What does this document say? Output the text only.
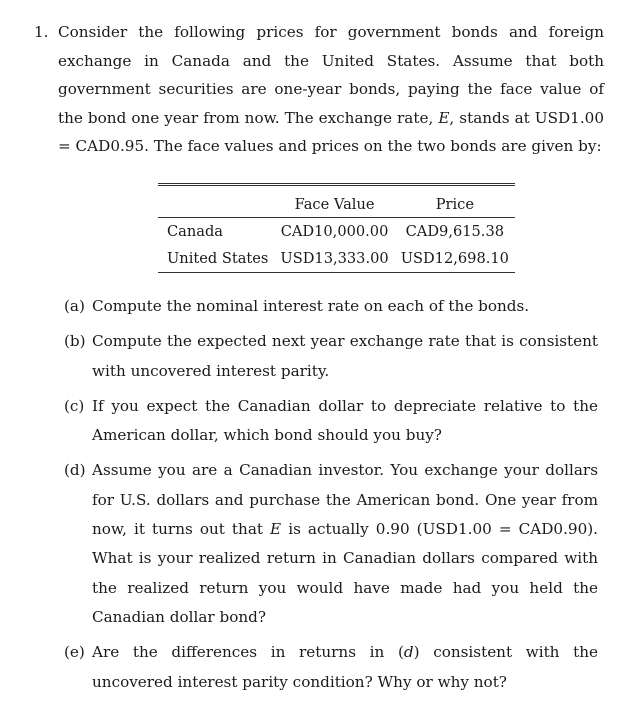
1. Consider the following prices for government bonds and foreign exchange in Canada and the United States. Assume that both government securities are one-year bonds, paying the face value of the bond one year from now. The exchange rate, E, stands at USD1.00 = CAD0.95. The face values and prices on the two bonds are given by:
	Face Value	Price
Canada	CAD10,000.00	CAD9,615.38
United States	USD13,333.00	USD12,698.10
(a) Compute the nominal interest rate on each of the bonds.
(b) Compute the expected next year exchange rate that is consistent with uncovered interest parity.
(c) If you expect the Canadian dollar to depreciate relative to the American dollar, which bond should you buy?
(d) Assume you are a Canadian investor. You exchange your dollars for U.S. dollars and purchase the American bond. One year from now, it turns out that E is actually 0.90 (USD1.00 = CAD0.90). What is your realized return in Canadian dollars compared with the realized return you would have made had you held the Canadian dollar bond?
(e) Are the differences in returns in (d) consistent with the uncovered interest parity condition? Why or why not?
